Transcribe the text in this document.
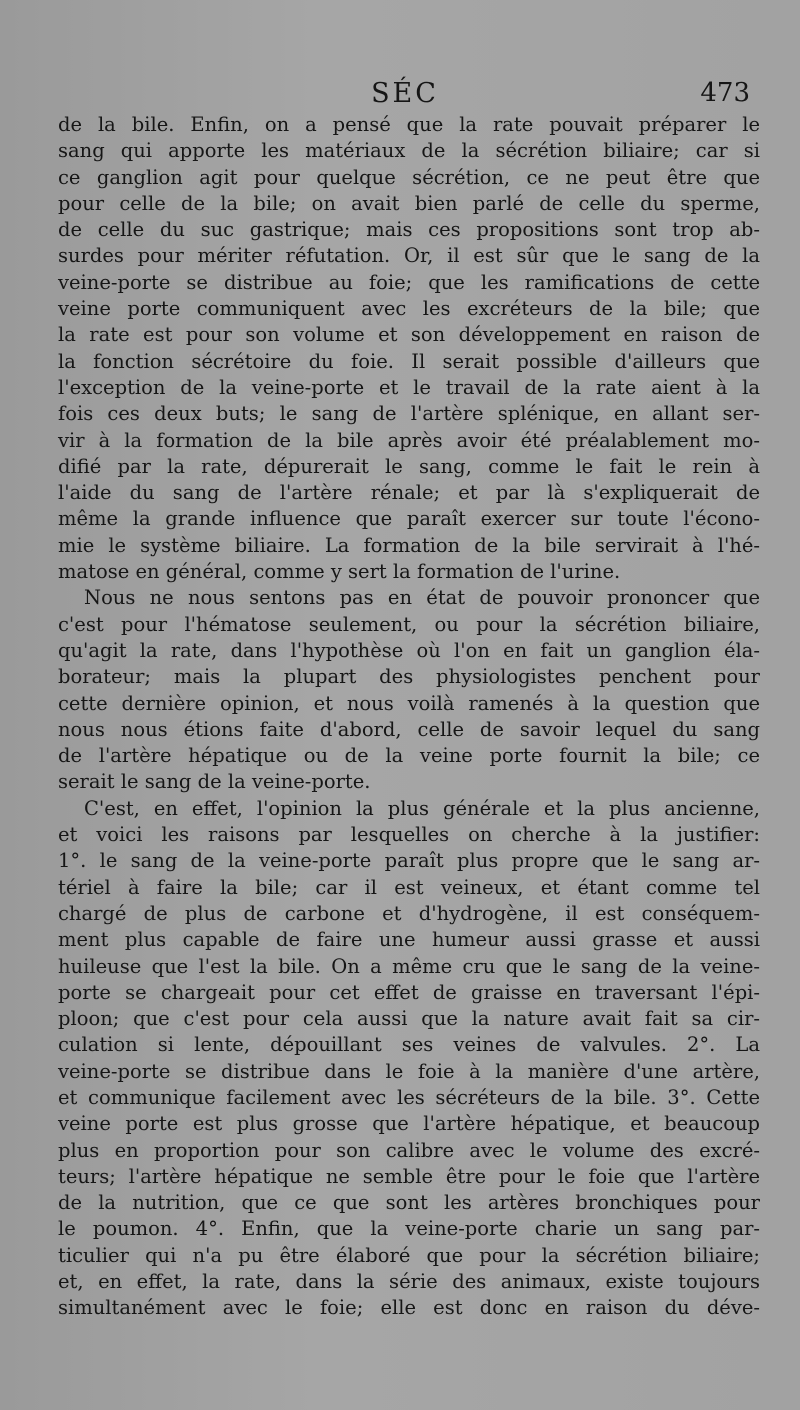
SÉC	473
de la bile. Enfin, on a pensé que la rate pouvait préparer le
sang qui apporte les matériaux de la sécrétion biliaire; car si
ce ganglion agit pour quelque sécrétion, ce ne peut être que
pour celle de la bile; on avait bien parlé de celle du sperme,
de celle du suc gastrique; mais ces propositions sont trop ab-
surdes pour mériter réfutation. Or, il est sûr que le sang de la
veine-porte se distribue au foie; que les ramifications de cette
veine porte communiquent avec les excréteurs de la bile; que
la rate est pour son volume et son développement en raison de
la fonction sécrétoire du foie. Il serait possible d'ailleurs que
l'exception de la veine-porte et le travail de la rate aient à la
fois ces deux buts; le sang de l'artère splénique, en allant ser-
vir à la formation de la bile après avoir été préalablement mo-
difié par la rate, dépurerait le sang, comme le fait le rein à
l'aide du sang de l'artère rénale; et par là s'expliquerait de
même la grande influence que paraît exercer sur toute l'écono-
mie le système biliaire. La formation de la bile servirait à l'hé-
matose en général, comme y sert la formation de l'urine.
Nous ne nous sentons pas en état de pouvoir prononcer que
c'est pour l'hématose seulement, ou pour la sécrétion biliaire,
qu'agit la rate, dans l'hypothèse où l'on en fait un ganglion éla-
borateur; mais la plupart des physiologistes penchent pour
cette dernière opinion, et nous voilà ramenés à la question que
nous nous étions faite d'abord, celle de savoir lequel du sang
de l'artère hépatique ou de la veine porte fournit la bile; ce
serait le sang de la veine-porte.
C'est, en effet, l'opinion la plus générale et la plus ancienne,
et voici les raisons par lesquelles on cherche à la justifier:
1°. le sang de la veine-porte paraît plus propre que le sang ar-
tériel à faire la bile; car il est veineux, et étant comme tel
chargé de plus de carbone et d'hydrogène, il est conséquem-
ment plus capable de faire une humeur aussi grasse et aussi
huileuse que l'est la bile. On a même cru que le sang de la veine-
porte se chargeait pour cet effet de graisse en traversant l'épi-
ploon; que c'est pour cela aussi que la nature avait fait sa cir-
culation si lente, dépouillant ses veines de valvules. 2°. La
veine-porte se distribue dans le foie à la manière d'une artère,
et communique facilement avec les sécréteurs de la bile. 3°. Cette
veine porte est plus grosse que l'artère hépatique, et beaucoup
plus en proportion pour son calibre avec le volume des excré-
teurs; l'artère hépatique ne semble être pour le foie que l'artère
de la nutrition, que ce que sont les artères bronchiques pour
le poumon. 4°. Enfin, que la veine-porte charie un sang par-
ticulier qui n'a pu être élaboré que pour la sécrétion biliaire;
et, en effet, la rate, dans la série des animaux, existe toujours
simultanément avec le foie; elle est donc en raison du déve-
